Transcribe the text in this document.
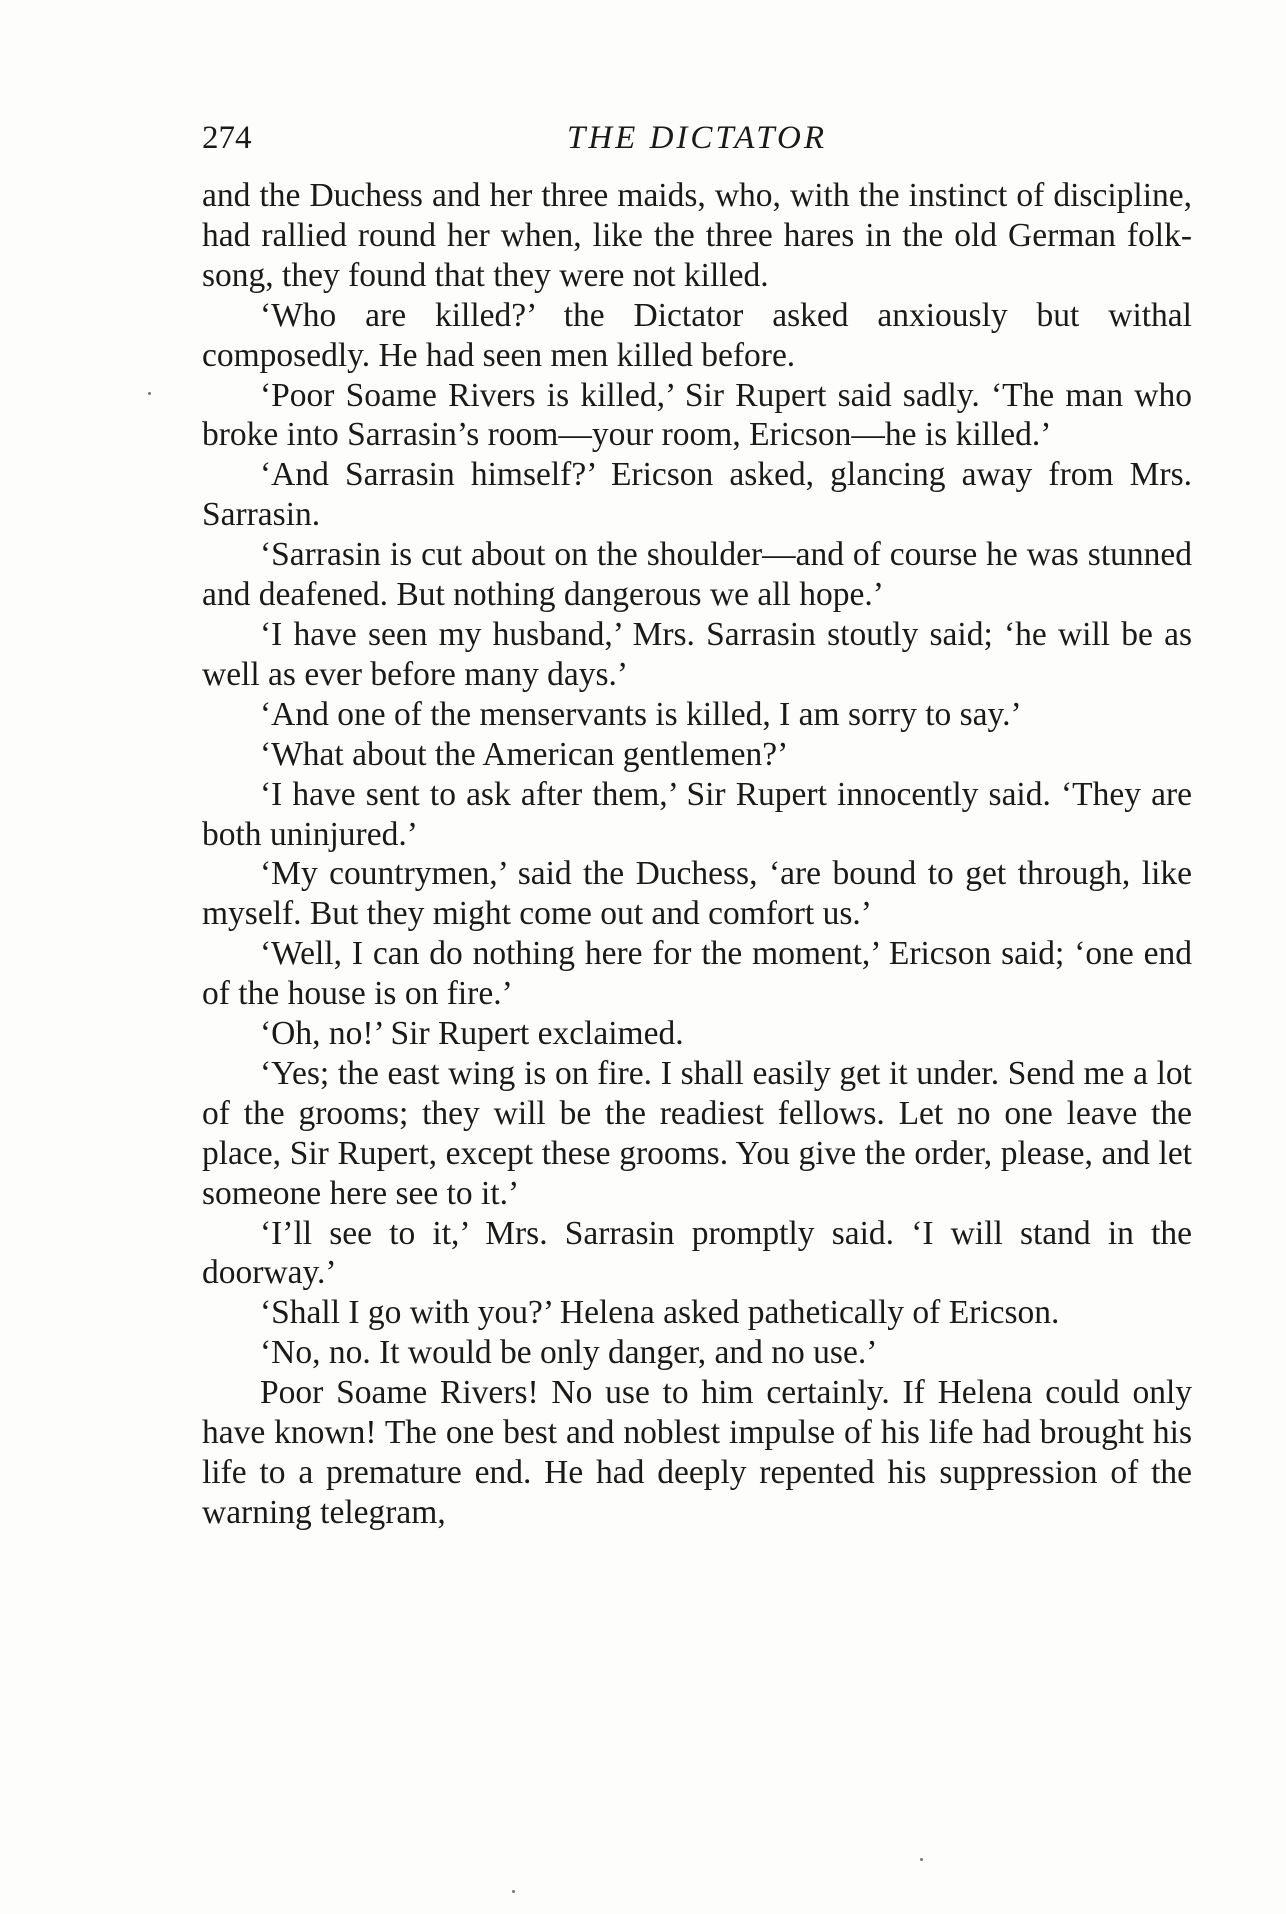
274	THE DICTATOR

and the Duchess and her three maids, who, with the instinct of discipline, had rallied round her when, like the three hares in the old German folk-song, they found that they were not killed.

‘Who are killed?’ the Dictator asked anxiously but withal composedly. He had seen men killed before.

‘Poor Soame Rivers is killed,’ Sir Rupert said sadly. ‘The man who broke into Sarrasin’s room—your room, Ericson—he is killed.’

‘And Sarrasin himself?’ Ericson asked, glancing away from Mrs. Sarrasin.

‘Sarrasin is cut about on the shoulder—and of course he was stunned and deafened. But nothing dangerous we all hope.’

‘I have seen my husband,’ Mrs. Sarrasin stoutly said; ‘he will be as well as ever before many days.’

‘And one of the menservants is killed, I am sorry to say.’

‘What about the American gentlemen?’

‘I have sent to ask after them,’ Sir Rupert innocently said. ‘They are both uninjured.’

‘My countrymen,’ said the Duchess, ‘are bound to get through, like myself. But they might come out and comfort us.’

‘Well, I can do nothing here for the moment,’ Ericson said; ‘one end of the house is on fire.’

‘Oh, no!’ Sir Rupert exclaimed.

‘Yes; the east wing is on fire. I shall easily get it under. Send me a lot of the grooms; they will be the readiest fellows. Let no one leave the place, Sir Rupert, except these grooms. You give the order, please, and let someone here see to it.’

‘I’ll see to it,’ Mrs. Sarrasin promptly said. ‘I will stand in the doorway.’

‘Shall I go with you?’ Helena asked pathetically of Ericson.

‘No, no. It would be only danger, and no use.’

Poor Soame Rivers! No use to him certainly. If Helena could only have known! The one best and noblest impulse of his life had brought his life to a premature end. He had deeply repented his suppression of the warning telegram,
